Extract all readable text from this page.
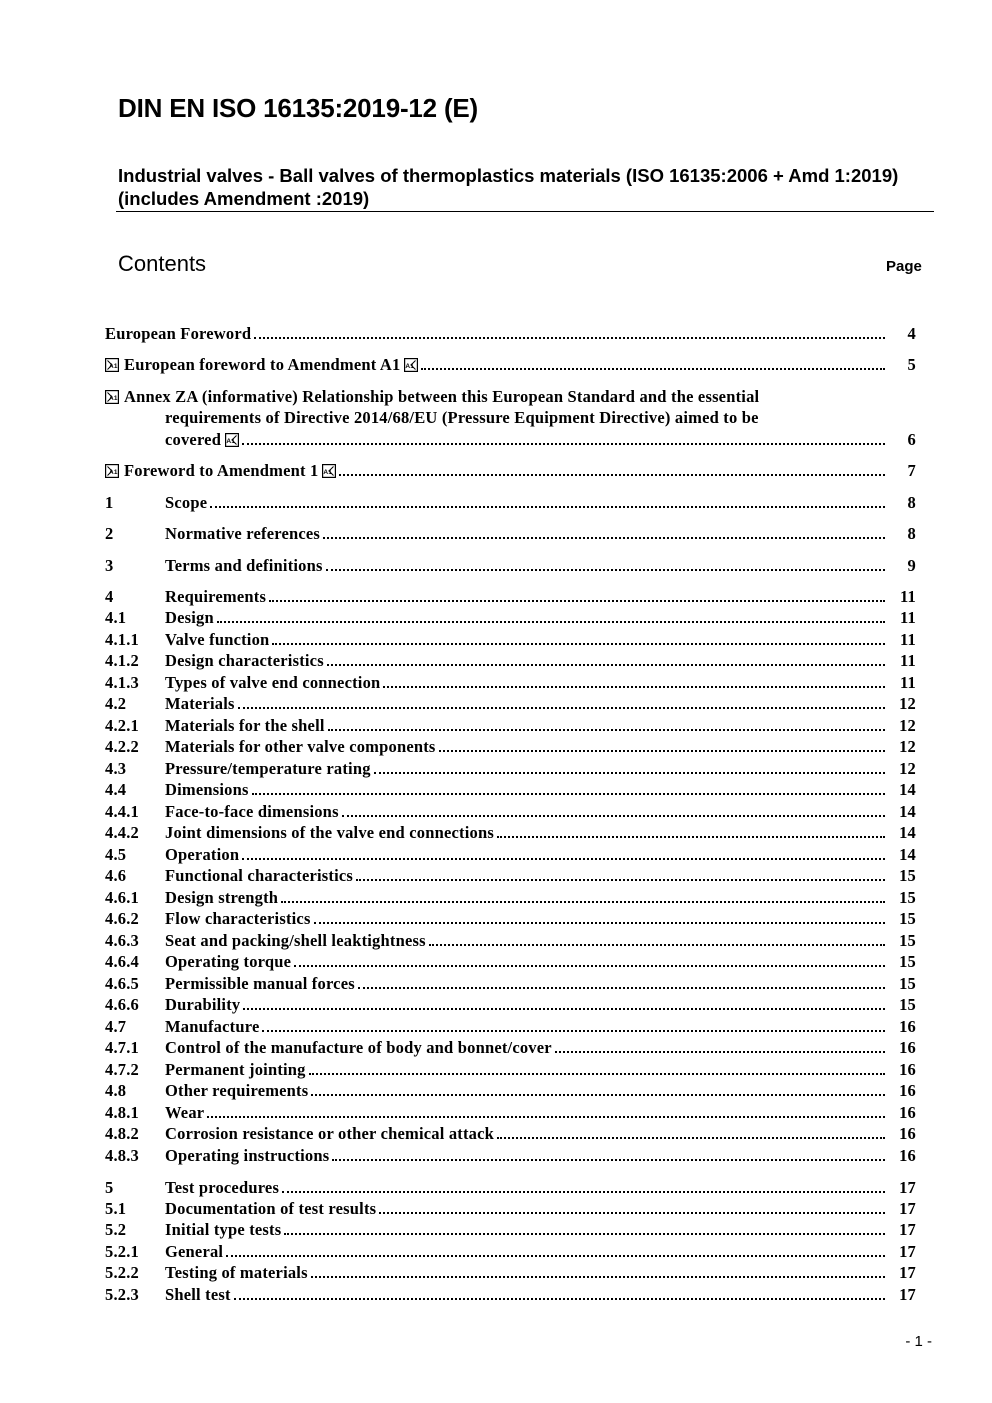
DIN EN ISO 16135:2019-12 (E)
Industrial valves - Ball valves of thermoplastics materials (ISO 16135:2006 + Amd 1:2019) (includes Amendment :2019)
Contents	Page
European Foreword	4
A1 European foreword to Amendment A1 A1	5
A1 Annex ZA (informative) Relationship between this European Standard and the essential
requirements of Directive 2014/68/EU (Pressure Equipment Directive) aimed to be
covered A1	6
A1 Foreword to Amendment 1 A1	7
1	Scope	8
2	Normative references	8
3	Terms and definitions	9
4	Requirements	11
4.1 Design	11
4.1.1 Valve function	11
4.1.2 Design characteristics	11
4.1.3 Types of valve end connection	11
4.2 Materials	12
4.2.1 Materials for the shell	12
4.2.2 Materials for other valve components	12
4.3 Pressure/temperature rating	12
4.4 Dimensions	14
4.4.1 Face-to-face dimensions	14
4.4.2 Joint dimensions of the valve end connections	14
4.5 Operation	14
4.6 Functional characteristics	15
4.6.1 Design strength	15
4.6.2 Flow characteristics	15
4.6.3 Seat and packing/shell leaktightness	15
4.6.4 Operating torque	15
4.6.5 Permissible manual forces	15
4.6.6 Durability	15
4.7 Manufacture	16
4.7.1 Control of the manufacture of body and bonnet/cover	16
4.7.2 Permanent jointing	16
4.8 Other requirements	16
4.8.1 Wear	16
4.8.2 Corrosion resistance or other chemical attack	16
4.8.3 Operating instructions	16
5	Test procedures	17
5.1 Documentation of test results	17
5.2 Initial type tests	17
5.2.1 General	17
5.2.2 Testing of materials	17
5.2.3 Shell test	17
- 1 -
